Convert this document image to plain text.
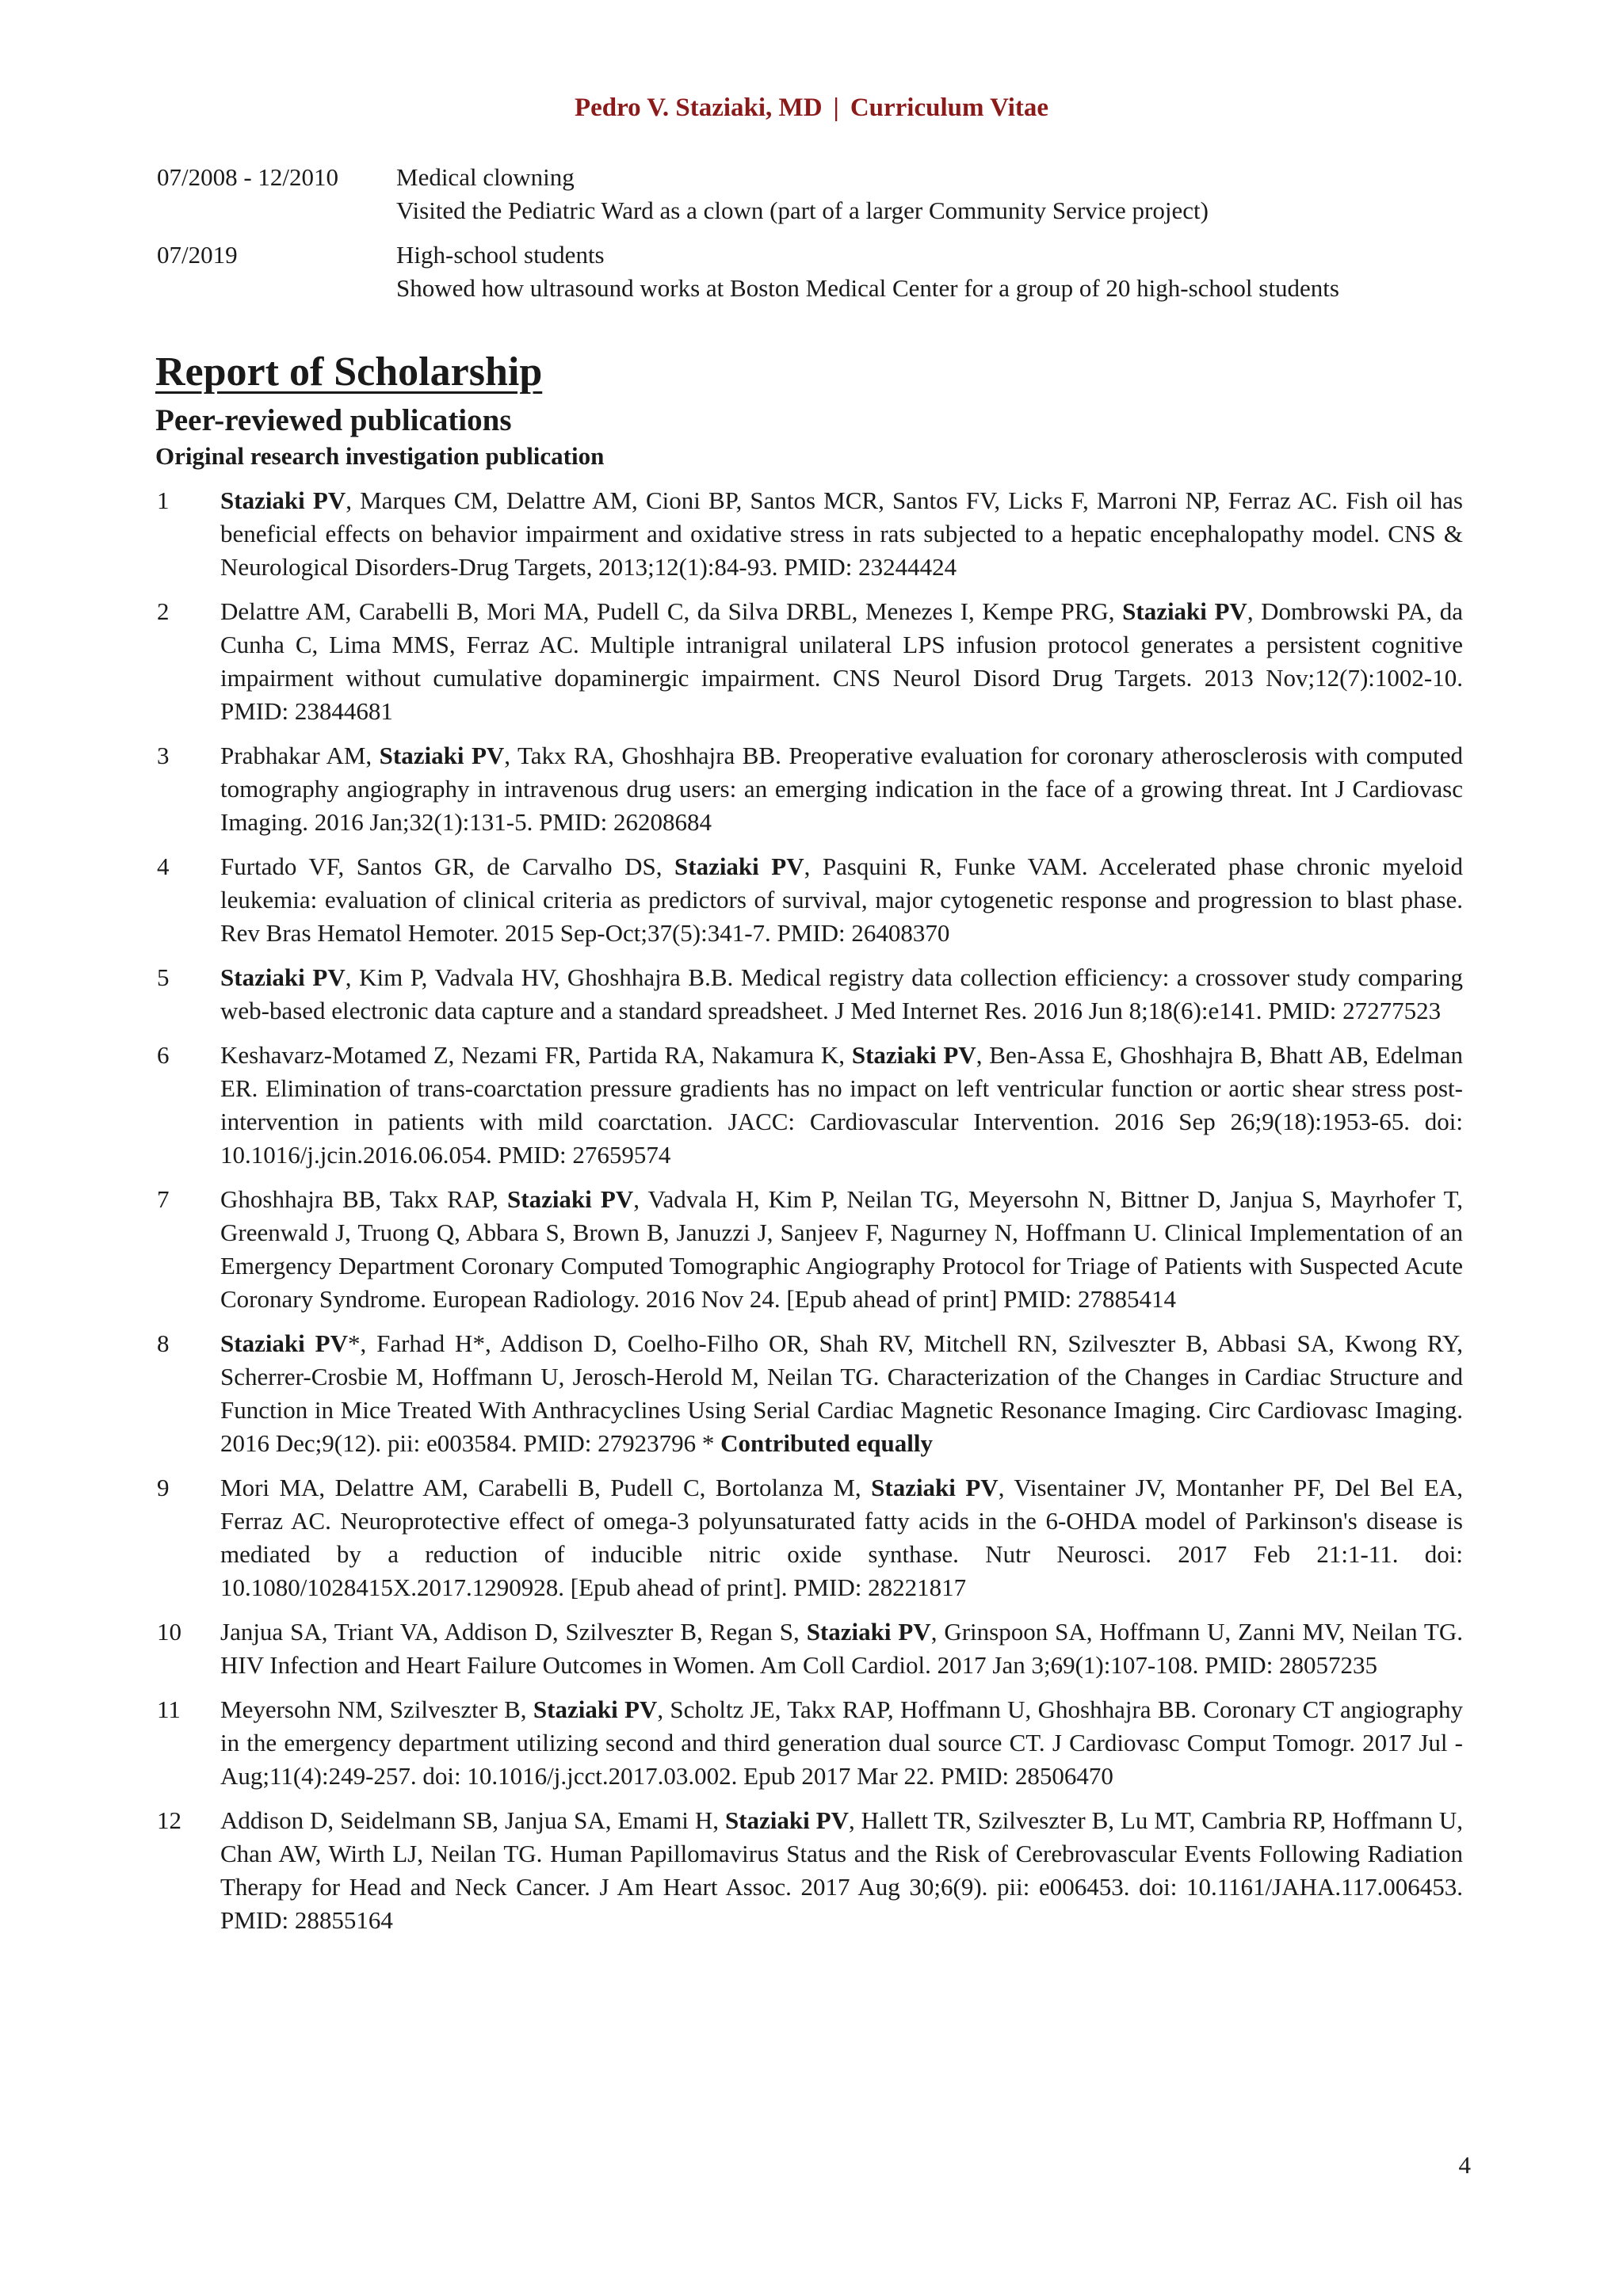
Pedro V. Staziaki, MD | Curriculum Vitae
07/2008 - 12/2010	Medical clowning
Visited the Pediatric Ward as a clown (part of a larger Community Service project)
07/2019	High-school students
Showed how ultrasound works at Boston Medical Center for a group of 20 high-school students
Report of Scholarship
Peer-reviewed publications
Original research investigation publication
1	Staziaki PV, Marques CM, Delattre AM, Cioni BP, Santos MCR, Santos FV, Licks F, Marroni NP, Ferraz AC. Fish oil has beneficial effects on behavior impairment and oxidative stress in rats subjected to a hepatic encephalopathy model. CNS & Neurological Disorders-Drug Targets, 2013;12(1):84-93. PMID: 23244424
2	Delattre AM, Carabelli B, Mori MA, Pudell C, da Silva DRBL, Menezes I, Kempe PRG, Staziaki PV, Dombrowski PA, da Cunha C, Lima MMS, Ferraz AC. Multiple intranigral unilateral LPS infusion protocol generates a persistent cognitive impairment without cumulative dopaminergic impairment. CNS Neurol Disord Drug Targets. 2013 Nov;12(7):1002-10. PMID: 23844681
3	Prabhakar AM, Staziaki PV, Takx RA, Ghoshhajra BB. Preoperative evaluation for coronary atherosclerosis with computed tomography angiography in intravenous drug users: an emerging indication in the face of a growing threat. Int J Cardiovasc Imaging. 2016 Jan;32(1):131-5. PMID: 26208684
4	Furtado VF, Santos GR, de Carvalho DS, Staziaki PV, Pasquini R, Funke VAM. Accelerated phase chronic myeloid leukemia: evaluation of clinical criteria as predictors of survival, major cytogenetic response and progression to blast phase. Rev Bras Hematol Hemoter. 2015 Sep-Oct;37(5):341-7. PMID: 26408370
5	Staziaki PV, Kim P, Vadvala HV, Ghoshhajra B.B. Medical registry data collection efficiency: a crossover study comparing web-based electronic data capture and a standard spreadsheet. J Med Internet Res. 2016 Jun 8;18(6):e141. PMID: 27277523
6	Keshavarz-Motamed Z, Nezami FR, Partida RA, Nakamura K, Staziaki PV, Ben-Assa E, Ghoshhajra B, Bhatt AB, Edelman ER. Elimination of trans-coarctation pressure gradients has no impact on left ventricular function or aortic shear stress post-intervention in patients with mild coarctation. JACC: Cardiovascular Intervention. 2016 Sep 26;9(18):1953-65. doi: 10.1016/j.jcin.2016.06.054. PMID: 27659574
7	Ghoshhajra BB, Takx RAP, Staziaki PV, Vadvala H, Kim P, Neilan TG, Meyersohn N, Bittner D, Janjua S, Mayrhofer T, Greenwald J, Truong Q, Abbara S, Brown B, Januzzi J, Sanjeev F, Nagurney N, Hoffmann U. Clinical Implementation of an Emergency Department Coronary Computed Tomographic Angiography Protocol for Triage of Patients with Suspected Acute Coronary Syndrome. European Radiology. 2016 Nov 24. [Epub ahead of print] PMID: 27885414
8	Staziaki PV*, Farhad H*, Addison D, Coelho-Filho OR, Shah RV, Mitchell RN, Szilveszter B, Abbasi SA, Kwong RY, Scherrer-Crosbie M, Hoffmann U, Jerosch-Herold M, Neilan TG. Characterization of the Changes in Cardiac Structure and Function in Mice Treated With Anthracyclines Using Serial Cardiac Magnetic Resonance Imaging. Circ Cardiovasc Imaging. 2016 Dec;9(12). pii: e003584. PMID: 27923796 * Contributed equally
9	Mori MA, Delattre AM, Carabelli B, Pudell C, Bortolanza M, Staziaki PV, Visentainer JV, Montanher PF, Del Bel EA, Ferraz AC. Neuroprotective effect of omega-3 polyunsaturated fatty acids in the 6-OHDA model of Parkinson's disease is mediated by a reduction of inducible nitric oxide synthase. Nutr Neurosci. 2017 Feb 21:1-11. doi: 10.1080/1028415X.2017.1290928. [Epub ahead of print]. PMID: 28221817
10	Janjua SA, Triant VA, Addison D, Szilveszter B, Regan S, Staziaki PV, Grinspoon SA, Hoffmann U, Zanni MV, Neilan TG. HIV Infection and Heart Failure Outcomes in Women. Am Coll Cardiol. 2017 Jan 3;69(1):107-108. PMID: 28057235
11	Meyersohn NM, Szilveszter B, Staziaki PV, Scholtz JE, Takx RAP, Hoffmann U, Ghoshhajra BB. Coronary CT angiography in the emergency department utilizing second and third generation dual source CT. J Cardiovasc Comput Tomogr. 2017 Jul - Aug;11(4):249-257. doi: 10.1016/j.jcct.2017.03.002. Epub 2017 Mar 22. PMID: 28506470
12	Addison D, Seidelmann SB, Janjua SA, Emami H, Staziaki PV, Hallett TR, Szilveszter B, Lu MT, Cambria RP, Hoffmann U, Chan AW, Wirth LJ, Neilan TG. Human Papillomavirus Status and the Risk of Cerebrovascular Events Following Radiation Therapy for Head and Neck Cancer. J Am Heart Assoc. 2017 Aug 30;6(9). pii: e006453. doi: 10.1161/JAHA.117.006453. PMID: 28855164
4
